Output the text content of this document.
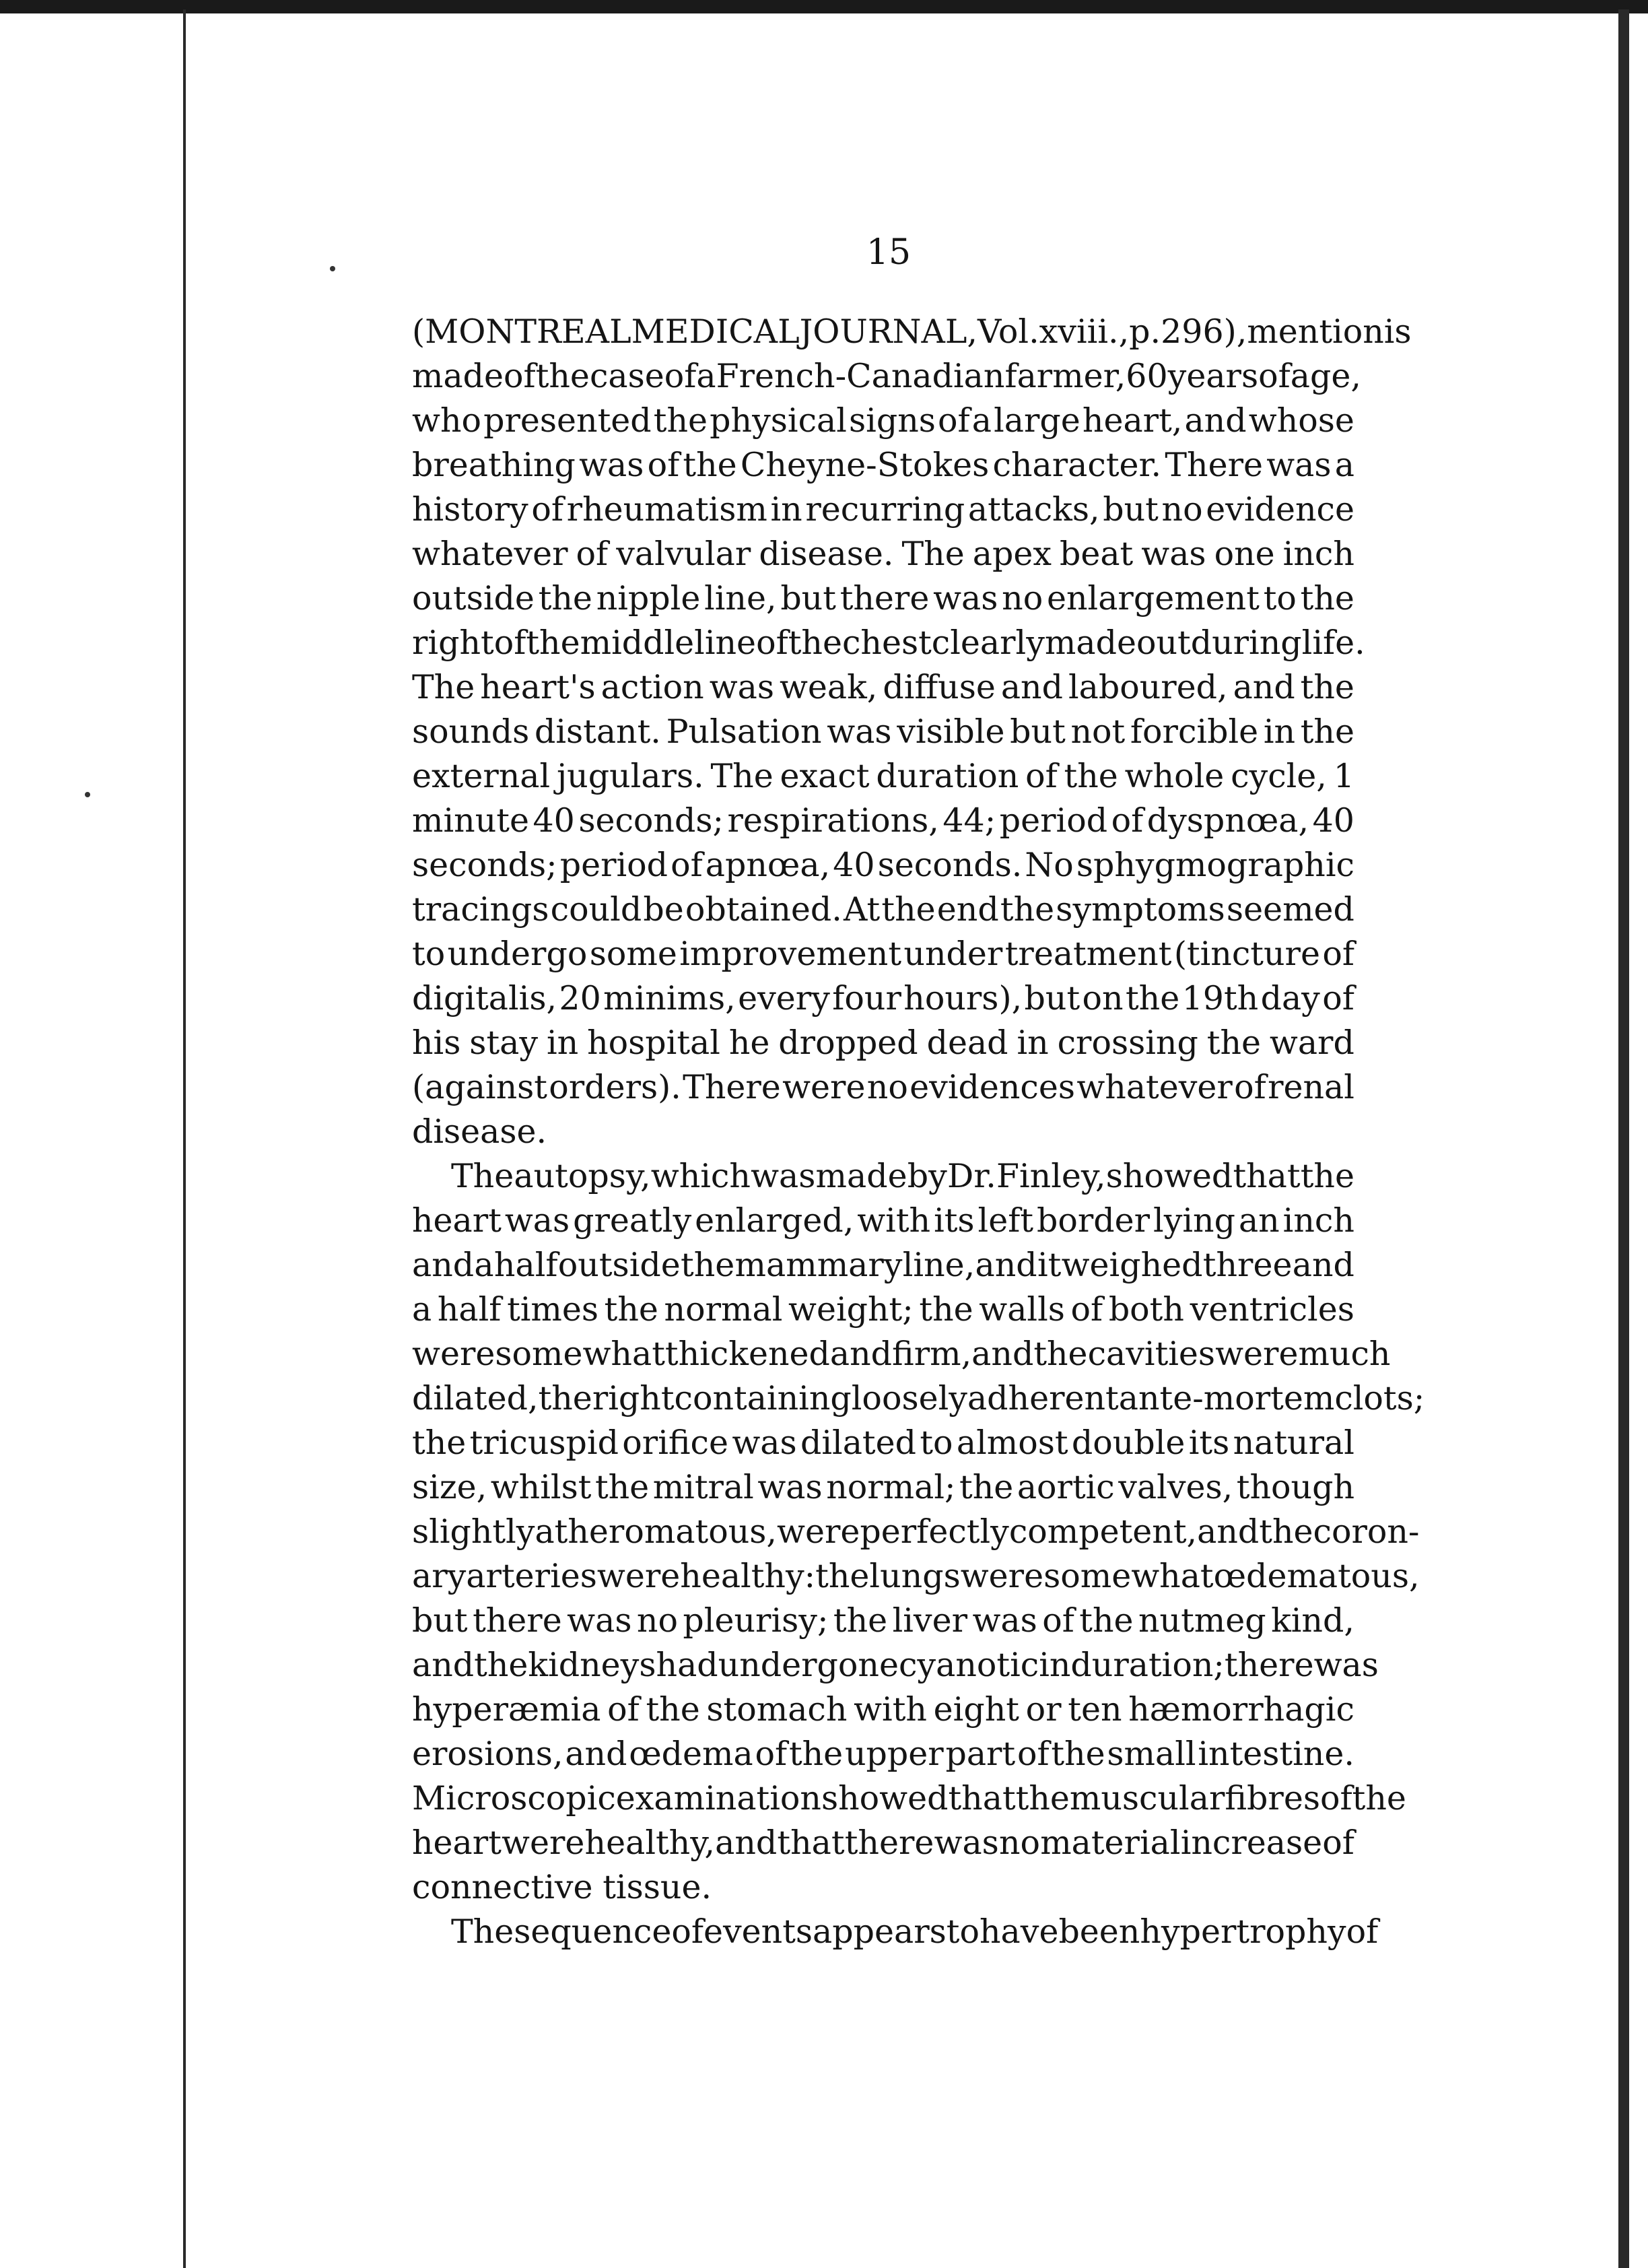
15
(MONTREAL MEDICAL JOURNAL, Vol. xviii., p. 296), mention is
made of the case of a French-Canadian farmer, 60 years of age,
who presented the physical signs of a large heart, and whose
breathing was of the Cheyne-Stokes character. There was a
history of rheumatism in recurring attacks, but no evidence
whatever of valvular disease. The apex beat was one inch
outside the nipple line, but there was no enlargement to the
right of the middle line of the chest clearly made out during life.
The heart's action was weak, diffuse and laboured, and the
sounds distant. Pulsation was visible but not forcible in the
external jugulars. The exact duration of the whole cycle, 1
minute 40 seconds; respirations, 44; period of dyspnœa, 40
seconds; period of apnœa, 40 seconds. No sphygmographic
tracings could be obtained. At the end the symptoms seemed
to undergo some improvement under treatment (tincture of
digitalis, 20 minims, every four hours), but on the 19th day of
his stay in hospital he dropped dead in crossing the ward
(against orders). There were no evidences whatever of renal
disease.
The autopsy, which was made by Dr. Finley, showed that the
heart was greatly enlarged, with its left border lying an inch
and a half outside the mammary line, and it weighed three and
a half times the normal weight; the walls of both ventricles
were somewhat thickened and firm, and the cavities were much
dilated, the right containing loosely adherent ante-mortem clots;
the tricuspid orifice was dilated to almost double its natural
size, whilst the mitral was normal; the aortic valves, though
slightly atheromatous, were perfectly competent, and the coron-
ary arteries were healthy: the lungs were somewhat œdematous,
but there was no pleurisy; the liver was of the nutmeg kind,
and the kidneys had undergone cyanotic induration; there was
hyperæmia of the stomach with eight or ten hæmorrhagic
erosions, and œdema of the upper part of the small intestine.
Microscopic examination showed that the muscular fibres of the
heart were healthy, and that there was no material increase of
connective tissue.
The sequence of events appears to have been hypertrophy of
